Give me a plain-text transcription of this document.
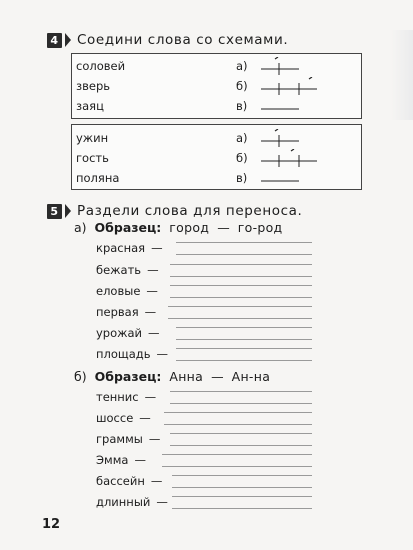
4 Соедини слова со схемами.
соловей	а)
зверь	б)
заяц	в)
ужин	а)
гость	б)
поляна	в)
5 Раздели слова для переноса.
а) Образец: город — го-род
красная —
бежать —
еловые —
первая —
урожай —
площадь —
б) Образец: Анна — Ан-на
теннис —
шоссе —
граммы —
Эмма —
бассейн —
длинный —
12
